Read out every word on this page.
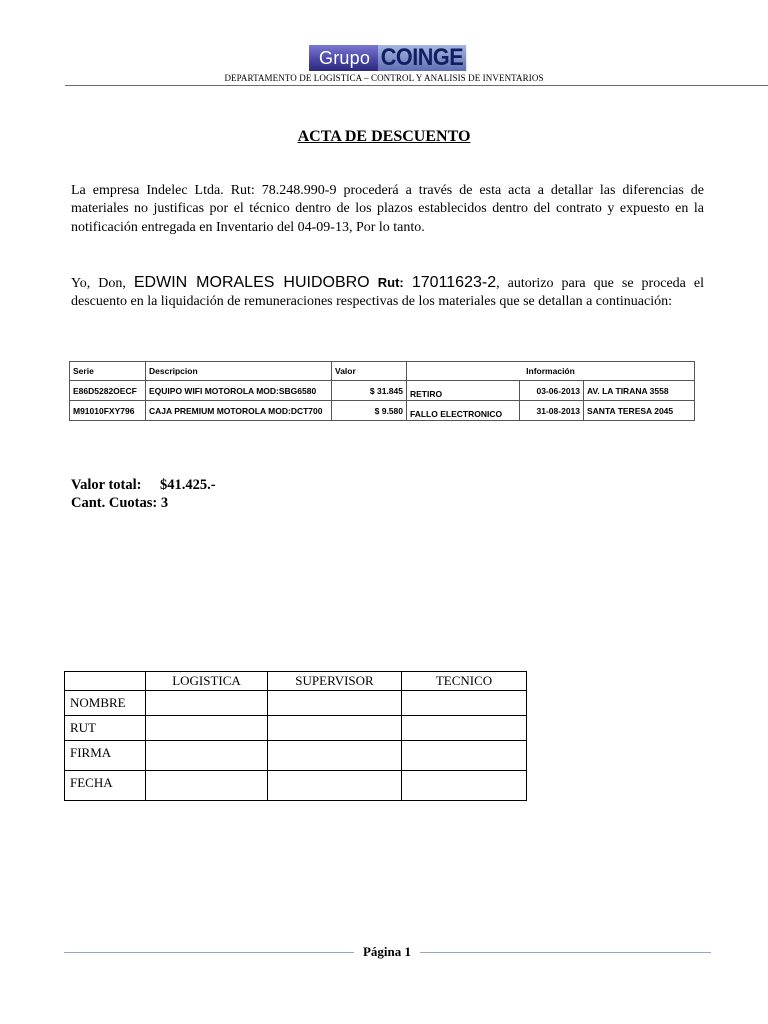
Grupo COINGE
DEPARTAMENTO DE LOGISTICA – CONTROL Y ANALISIS DE INVENTARIOS
ACTA DE DESCUENTO
La empresa Indelec Ltda. Rut: 78.248.990-9 procederá a través de esta acta a detallar las diferencias de materiales no justificas por el técnico dentro de los plazos establecidos dentro del contrato y expuesto en la notificación entregada en Inventario del 04-09-13, Por lo tanto.
Yo, Don, EDWIN MORALES HUIDOBRO Rut: 17011623-2, autorizo para que se proceda el descuento en la liquidación de remuneraciones respectivas de los materiales que se detallan a continuación:
Serie	Descripcion	Valor	Información		
E86D5282OECF	EQUIPO WIFI MOTOROLA MOD:SBG6580	$ 31.845	RETIRO	03-06-2013	AV. LA TIRANA 3558
M91010FXY796	CAJA PREMIUM MOTOROLA MOD:DCT700	$ 9.580	FALLO ELECTRONICO	31-08-2013	SANTA TERESA 2045
Valor total: $41.425.-
Cant. Cuotas: 3
	LOGISTICA	SUPERVISOR	TECNICO
NOMBRE			
RUT			
FIRMA			
FECHA			
Página 1
